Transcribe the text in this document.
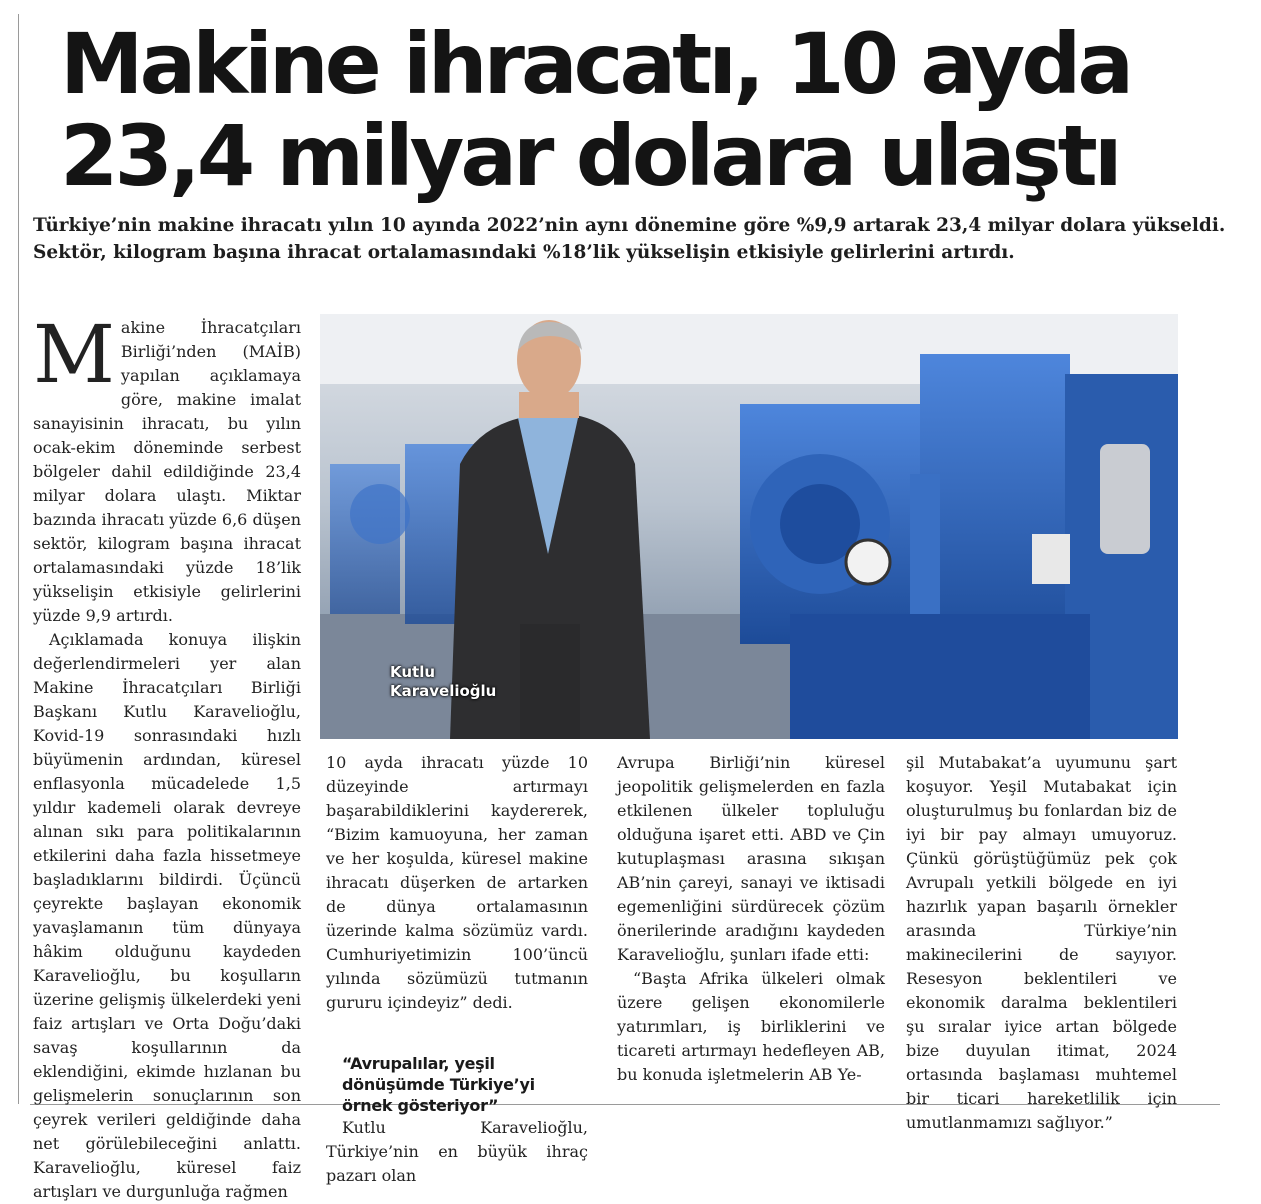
Makine ihracatı, 10 ayda 23,4 milyar dolara ulaştı

Türkiye’nin makine ihracatı yılın 10 ayında 2022’nin aynı dönemine göre %9,9 artarak 23,4 milyar dolara yükseldi. Sektör, kilogram başına ihracat ortalamasındaki %18’lik yükselişin etkisiyle gelirlerini artırdı.

Makine İhracatçıları Birliği’nden (MAİB) yapılan açıklamaya göre, makine imalat sanayisinin ihracatı, bu yılın ocak-ekim döneminde serbest bölgeler dahil edildiğinde 23,4 milyar dolara ulaştı. Miktar bazında ihracatı yüzde 6,6 düşen sektör, kilogram başına ihracat ortalamasındaki yüzde 18’lik yükselişin etkisiyle gelirlerini yüzde 9,9 artırdı.

Açıklamada konuya ilişkin değerlendirmeleri yer alan Makine İhracatçıları Birliği Başkanı Kutlu Karavelioğlu, Kovid-19 sonrasındaki hızlı büyümenin ardından, küresel enflasyonla mücadelede 1,5 yıldır kademeli olarak devreye alınan sıkı para politikalarının etkilerini daha fazla hissetmeye başladıklarını bildirdi. Üçüncü çeyrekte başlayan ekonomik yavaşlamanın tüm dünyaya hâkim olduğunu kaydeden Karavelioğlu, bu koşulların üzerine gelişmiş ülkelerdeki yeni faiz artışları ve Orta Doğu’daki savaş koşullarının da eklendiğini, ekimde hızlanan bu gelişmelerin sonuçlarının son çeyrek verileri geldiğinde daha net görülebileceğini anlattı. Karavelioğlu, küresel faiz artışları ve durgunluğa rağmen

Kutlu
Karavelioğlu

10 ayda ihracatı yüzde 10 düzeyinde artırmayı başarabildiklerini kaydererek, “Bizim kamuoyuna, her zaman ve her koşulda, küresel makine ihracatı düşerken de artarken de dünya ortalamasının üzerinde kalma sözümüz vardı. Cumhuriyetimizin 100’üncü yılında sözümüzü tutmanın gururu içindeyiz” dedi.

“Avrupalılar, yeşil dönüşümde Türkiye’yi örnek gösteriyor”

Kutlu Karavelioğlu, Türkiye’nin en büyük ihraç pazarı olan

Avrupa Birliği’nin küresel jeopolitik gelişmelerden en fazla etkilenen ülkeler topluluğu olduğuna işaret etti. ABD ve Çin kutuplaşması arasına sıkışan AB’nin çareyi, sanayi ve iktisadi egemenliğini sürdürecek çözüm önerilerinde aradığını kaydeden Karavelioğlu, şunları ifade etti:

“Başta Afrika ülkeleri olmak üzere gelişen ekonomilerle yatırımları, iş birliklerini ve ticareti artırmayı hedefleyen AB, bu konuda işletmelerin AB Ye-

şil Mutabakat’a uyumunu şart koşuyor. Yeşil Mutabakat için oluşturulmuş bu fonlardan biz de iyi bir pay almayı umuyoruz. Çünkü görüştüğümüz pek çok Avrupalı yetkili bölgede en iyi hazırlık yapan başarılı örnekler arasında Türkiye’nin makinecilerini de sayıyor. Resesyon beklentileri ve ekonomik daralma beklentileri şu sıralar iyice artan bölgede bize duyulan itimat, 2024 ortasında başlaması muhtemel bir ticari hareketlilik için umutlanmamızı sağlıyor.”
